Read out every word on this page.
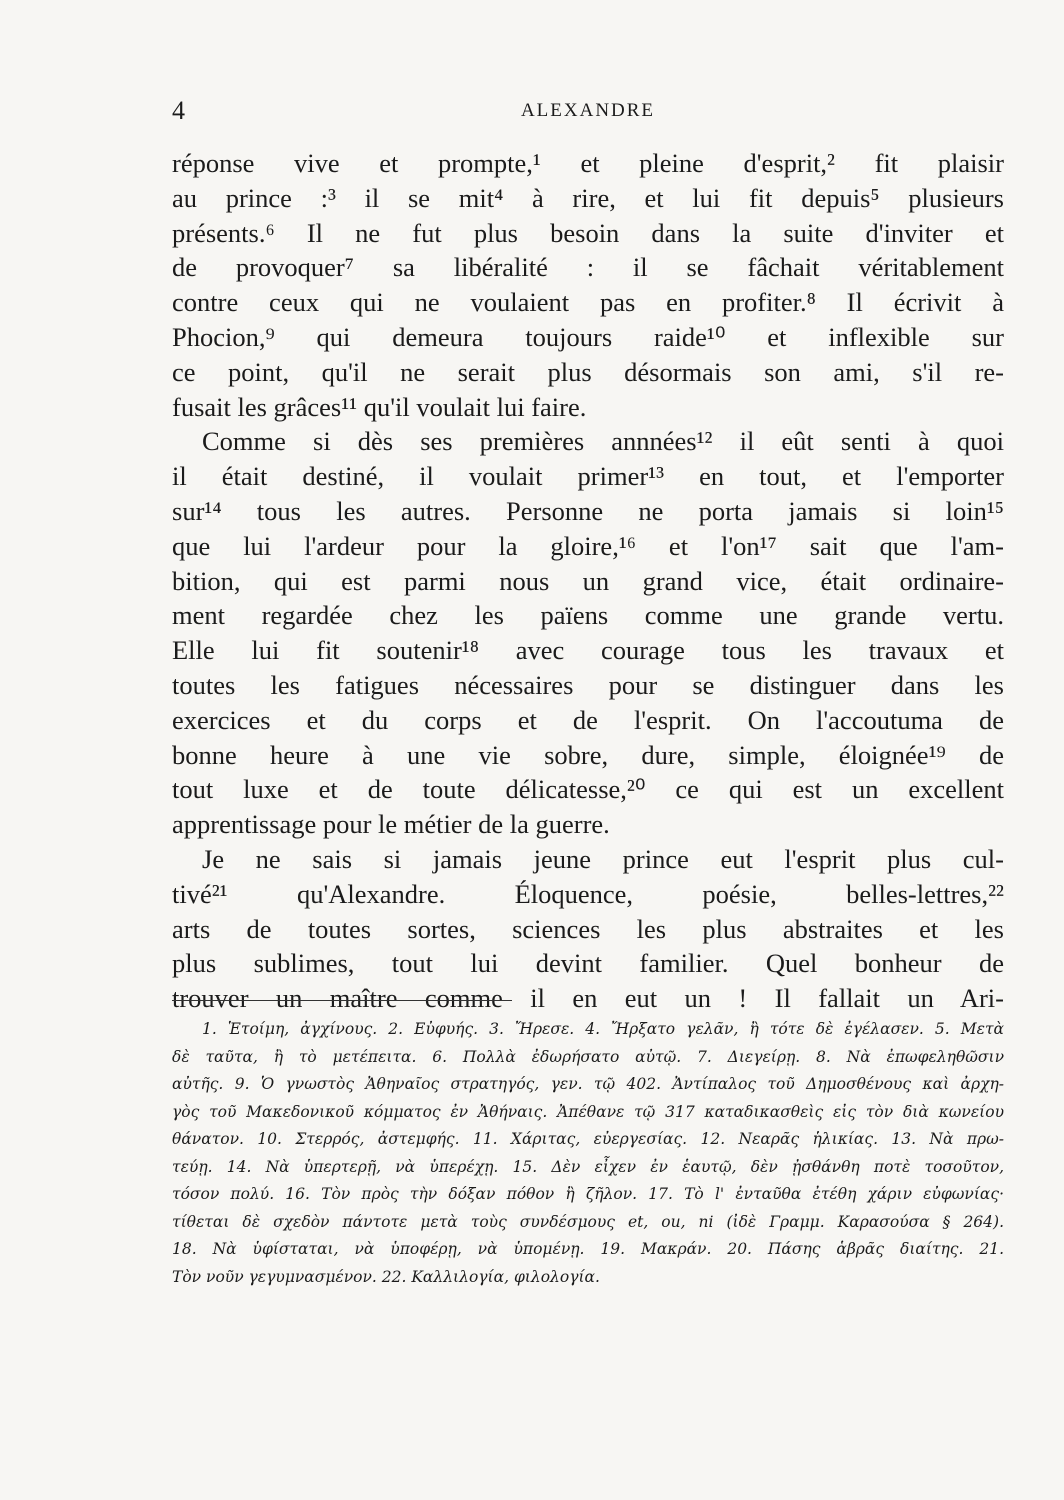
4	ALEXANDRE
réponse vive et prompte,¹ et pleine d'esprit,² fit plaisir
au prince :³ il se mit⁴ à rire, et lui fit depuis⁵ plusieurs
présents.⁶ Il ne fut plus besoin dans la suite d'inviter et
de provoquer⁷ sa libéralité : il se fâchait véritablement
contre ceux qui ne voulaient pas en profiter.⁸ Il écrivit à
Phocion,⁹ qui demeura toujours raide¹⁰ et inflexible sur
ce point, qu'il ne serait plus désormais son ami, s'il re-
fusait les grâces¹¹ qu'il voulait lui faire.
Comme si dès ses premières annnées¹² il eût senti à quoi
il était destiné, il voulait primer¹³ en tout, et l'emporter
sur¹⁴ tous les autres. Personne ne porta jamais si loin¹⁵
que lui l'ardeur pour la gloire,¹⁶ et l'on¹⁷ sait que l'am-
bition, qui est parmi nous un grand vice, était ordinaire-
ment regardée chez les païens comme une grande vertu.
Elle lui fit soutenir¹⁸ avec courage tous les travaux et
toutes les fatigues nécessaires pour se distinguer dans les
exercices et du corps et de l'esprit. On l'accoutuma de
bonne heure à une vie sobre, dure, simple, éloignée¹⁹ de
tout luxe et de toute délicatesse,²⁰ ce qui est un excellent
apprentissage pour le métier de la guerre.
Je ne sais si jamais jeune prince eut l'esprit plus cul-
tivé²¹ qu'Alexandre. Éloquence, poésie, belles-lettres,²²
arts de toutes sortes, sciences les plus abstraites et les
plus sublimes, tout lui devint familier. Quel bonheur de
trouver un maître comme il en eut un ! Il fallait un Ari-
1. Ἑτοίμη, ἀγχίνους. 2. Εὐφυής. 3. Ἤρεσε. 4. Ἤρξατο γελᾶν, ἢ τότε δὲ ἐγέλασεν. 5. Μετὰ
δὲ ταῦτα, ἢ τὸ μετέπειτα. 6. Πολλὰ ἐδωρήσατο αὐτῷ. 7. Διεγείρῃ. 8. Νὰ ἐπωφεληθῶσιν
αὐτῆς. 9. Ὁ γνωστὸς Ἀθηναῖος στρατηγός, γεν. τῷ 402. Ἀντίπαλος τοῦ Δημοσθένους καὶ ἀρχη-
γὸς τοῦ Μακεδονικοῦ κόμματος ἐν Ἀθήναις. Ἀπέθανε τῷ 317 καταδικασθεὶς εἰς τὸν διὰ κωνείου
θάνατον. 10. Στερρός, ἀστεμφής. 11. Χάριτας, εὐεργεσίας. 12. Νεαρᾶς ἡλικίας. 13. Νὰ πρω-
τεύῃ. 14. Νὰ ὑπερτερῇ, νὰ ὑπερέχῃ. 15. Δὲν εἶχεν ἐν ἑαυτῷ, δὲν ᾐσθάνθη ποτὲ τοσοῦτον,
τόσον πολύ. 16. Τὸν πρὸς τὴν δόξαν πόθον ἢ ζῆλον. 17. Τὸ l' ἐνταῦθα ἐτέθη χάριν εὐφωνίας·
τίθεται δὲ σχεδὸν πάντοτε μετὰ τοὺς συνδέσμους et, ou, ni (ἰδὲ Γραμμ. Καρασούσα § 264).
18. Νὰ ὑφίσταται, νὰ ὑποφέρῃ, νὰ ὑπομένῃ. 19. Μακράν. 20. Πάσης ἁβρᾶς διαίτης. 21.
Τὸν νοῦν γεγυμνασμένον. 22. Καλλιλογία, φιλολογία.
